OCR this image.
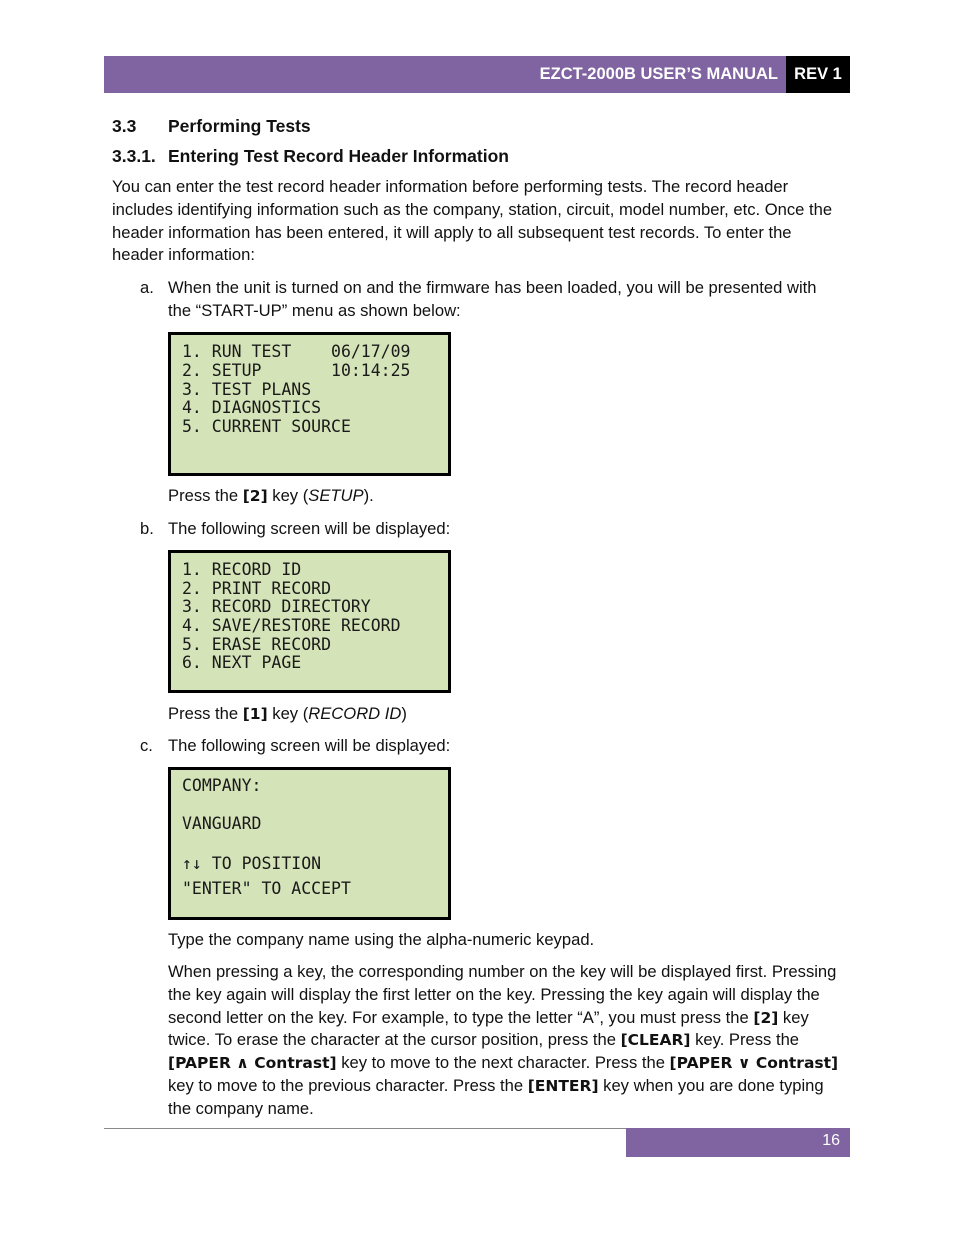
EZCT-2000B USER’S MANUAL REV 1
3.3 Performing Tests
3.3.1. Entering Test Record Header Information

You can enter the test record header information before performing tests. The record header includes identifying information such as the company, station, circuit, model number, etc. Once the header information has been entered, it will apply to all subsequent test records. To enter the header information:

a. When the unit is turned on and the firmware has been loaded, you will be presented with the “START-UP” menu as shown below:
1. RUN TEST    06/17/09
2. SETUP       10:14:25
3. TEST PLANS
4. DIAGNOSTICS
5. CURRENT SOURCE
Press the [2] key (SETUP).
b. The following screen will be displayed:
1. RECORD ID
2. PRINT RECORD
3. RECORD DIRECTORY
4. SAVE/RESTORE RECORD
5. ERASE RECORD
6. NEXT PAGE
Press the [1] key (RECORD ID)
c. The following screen will be displayed:
COMPANY:
VANGUARD
↑↓ TO POSITION
"ENTER" TO ACCEPT

Type the company name using the alpha-numeric keypad.

When pressing a key, the corresponding number on the key will be displayed first. Pressing the key again will display the first letter on the key. Pressing the key again will display the second letter on the key. For example, to type the letter “A”, you must press the [2] key twice. To erase the character at the cursor position, press the [CLEAR] key. Press the [PAPER ∧ Contrast] key to move to the next character. Press the [PAPER ∨ Contrast] key to move to the previous character. Press the [ENTER] key when you are done typing the company name.

16
